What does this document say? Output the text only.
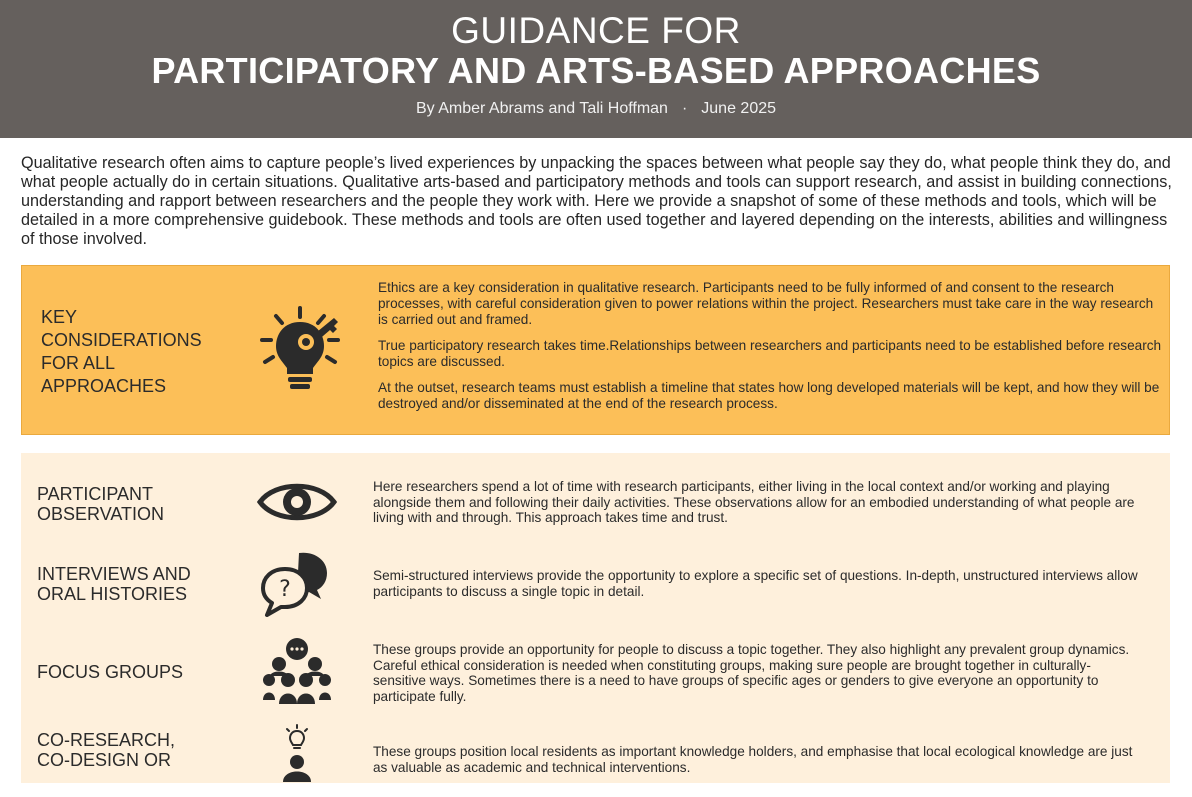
GUIDANCE FOR
PARTICIPATORY AND ARTS-BASED APPROACHES
By Amber Abrams and Tali Hoffman · June 2025
Qualitative research often aims to capture people’s lived experiences by unpacking the spaces between what people say they do, what people think they do, and what people actually do in certain situations. Qualitative arts-based and participatory methods and tools can support research, and assist in building connections, understanding and rapport between researchers and the people they work with. Here we provide a snapshot of some of these methods and tools, which will be detailed in a more comprehensive guidebook. These methods and tools are often used together and layered depending on the interests, abilities and willingness of those involved.
KEY
CONSIDERATIONS
FOR ALL
APPROACHES

Ethics are a key consideration in qualitative research. Participants need to be fully informed of and consent to the research processes, with careful consideration given to power relations within the project. Researchers must take care in the way research is carried out and framed.

True participatory research takes time.Relationships between researchers and participants need to be established before research topics are discussed.

At the outset, research teams must establish a timeline that states how long developed materials will be kept, and how they will be destroyed and/or disseminated at the end of the research process.

PARTICIPANT
OBSERVATION
Here researchers spend a lot of time with research participants, either living in the local context and/or working and playing alongside them and following their daily activities. These observations allow for an embodied understanding of what people are living with and through. This approach takes time and trust.
INTERVIEWS AND
ORAL HISTORIES	?
Semi-structured interviews provide the opportunity to explore a specific set of questions. In-depth, unstructured interviews allow participants to discuss a single topic in detail.
FOCUS GROUPS
These groups provide an opportunity for people to discuss a topic together. They also highlight any prevalent group dynamics. Careful ethical consideration is needed when constituting groups, making sure people are brought together in culturally-sensitive ways. Sometimes there is a need to have groups of specific ages or genders to give everyone an opportunity to participate fully.
CO-RESEARCH,
CO-DESIGN OR	These groups position local residents as important knowledge holders, and emphasise that local ecological knowledge are just as valuable as academic and technical interventions.
